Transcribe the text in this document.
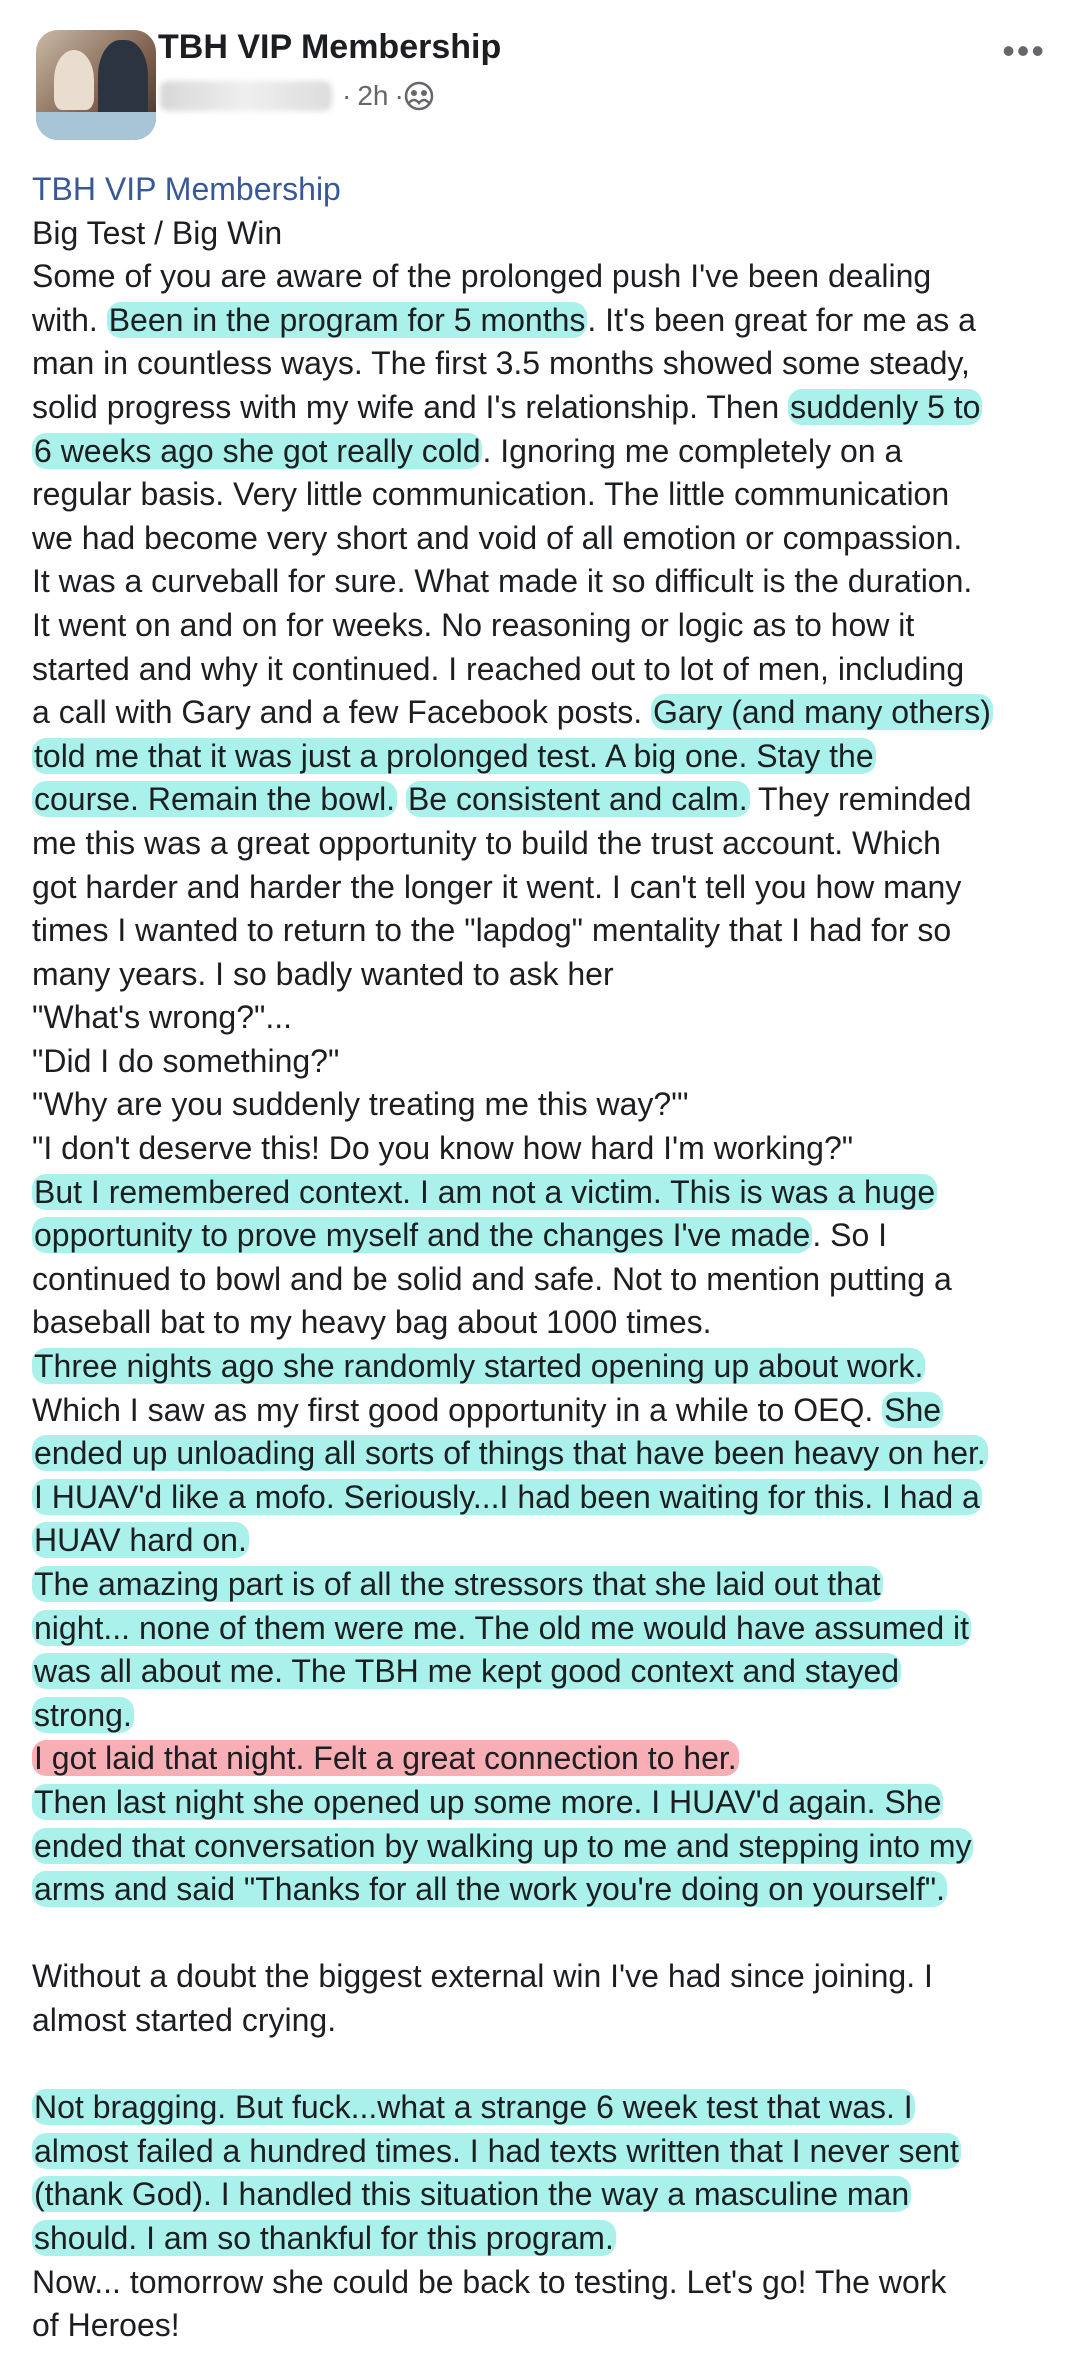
TBH VIP Membership
· 2h ·
•••
TBH VIP Membership
Big Test / Big Win
Some of you are aware of the prolonged push I've been dealing
with. Been in the program for 5 months. It's been great for me as a
man in countless ways. The first 3.5 months showed some steady,
solid progress with my wife and I's relationship. Then suddenly 5 to
6 weeks ago she got really cold. Ignoring me completely on a
regular basis. Very little communication. The little communication
we had become very short and void of all emotion or compassion.
It was a curveball for sure. What made it so difficult is the duration.
It went on and on for weeks. No reasoning or logic as to how it
started and why it continued. I reached out to lot of men, including
a call with Gary and a few Facebook posts. Gary (and many others)
told me that it was just a prolonged test. A big one. Stay the
course. Remain the bowl. Be consistent and calm. They reminded
me this was a great opportunity to build the trust account. Which
got harder and harder the longer it went. I can't tell you how many
times I wanted to return to the "lapdog" mentality that I had for so
many years. I so badly wanted to ask her
"What's wrong?"...
"Did I do something?"
"Why are you suddenly treating me this way?"'
"I don't deserve this! Do you know how hard I'm working?"
But I remembered context. I am not a victim. This is was a huge
opportunity to prove myself and the changes I've made. So I
continued to bowl and be solid and safe. Not to mention putting a
baseball bat to my heavy bag about 1000 times.
Three nights ago she randomly started opening up about work.
Which I saw as my first good opportunity in a while to OEQ. She
ended up unloading all sorts of things that have been heavy on her.
I HUAV'd like a mofo. Seriously...I had been waiting for this. I had a
HUAV hard on.
The amazing part is of all the stressors that she laid out that
night... none of them were me. The old me would have assumed it
was all about me. The TBH me kept good context and stayed
strong.
I got laid that night. Felt a great connection to her.
Then last night she opened up some more. I HUAV'd again. She
ended that conversation by walking up to me and stepping into my
arms and said "Thanks for all the work you're doing on yourself".
Without a doubt the biggest external win I've had since joining. I
almost started crying.
Not bragging. But fuck...what a strange 6 week test that was. I
almost failed a hundred times. I had texts written that I never sent
(thank God). I handled this situation the way a masculine man
should. I am so thankful for this program.
Now... tomorrow she could be back to testing. Let's go! The work
of Heroes!
